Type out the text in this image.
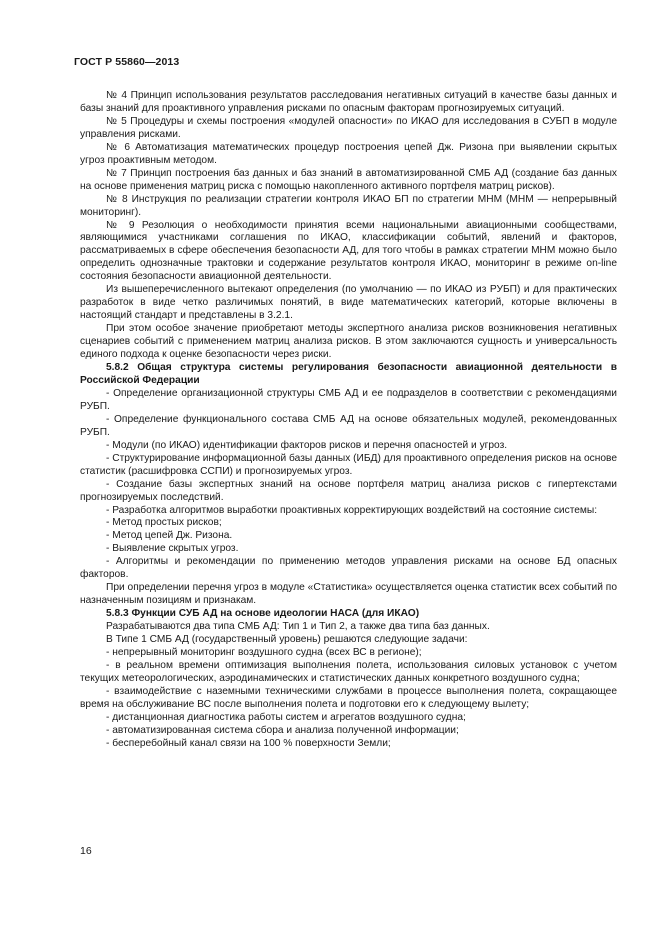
ГОСТ Р 55860—2013

№ 4 Принцип использования результатов расследования негативных ситуаций в качестве базы данных и базы знаний для проактивного управления рисками по опасным факторам прогнозируемых ситуаций.

№ 5 Процедуры и схемы построения «модулей опасности» по ИКАО для исследования в СУБП в модуле управления рисками.

№ 6 Автоматизация математических процедур построения цепей Дж. Ризона при выявлении скрытых угроз проактивным методом.

№ 7 Принцип построения баз данных и баз знаний в автоматизированной СМБ АД (создание баз данных на основе применения матриц риска с помощью накопленного активного портфеля матриц рисков).

№ 8 Инструкция по реализации стратегии контроля ИКАО БП по стратегии МНМ (МНМ — непрерывный мониторинг).

№ 9 Резолюция о необходимости принятия всеми национальными авиационными сообществами, являющимися участниками соглашения по ИКАО, классификации событий, явлений и факторов, рассматриваемых в сфере обеспечения безопасности АД, для того чтобы в рамках стратегии МНМ можно было определить однозначные трактовки и содержание результатов контроля ИКАО, мониторинг в режиме on-line состояния безопасности авиационной деятельности.

Из вышеперечисленного вытекают определения (по умолчанию — по ИКАО из РУБП) и для практических разработок в виде четко различимых понятий, в виде математических категорий, которые включены в настоящий стандарт и представлены в 3.2.1.

При этом особое значение приобретают методы экспертного анализа рисков возникновения негативных сценариев событий с применением матриц анализа рисков. В этом заключаются сущность и универсальность единого подхода к оценке безопасности через риски.

5.8.2 Общая структура системы регулирования безопасности авиационной деятельности в Российской Федерации

- Определение организационной структуры СМБ АД и ее подразделов в соответствии с рекомендациями РУБП.

- Определение функционального состава СМБ АД на основе обязательных модулей, рекомендованных РУБП.

- Модули (по ИКАО) идентификации факторов рисков и перечня опасностей и угроз.

- Структурирование информационной базы данных (ИБД) для проактивного определения рисков на основе статистик (расшифровка ССПИ) и прогнозируемых угроз.

- Создание базы экспертных знаний на основе портфеля матриц анализа рисков с гипертекстами прогнозируемых последствий.

- Разработка алгоритмов выработки проактивных корректирующих воздействий на состояние системы:

- Метод простых рисков;

- Метод цепей Дж. Ризона.

- Выявление скрытых угроз.

- Алгоритмы и рекомендации по применению методов управления рисками на основе БД опасных факторов.

При определении перечня угроз в модуле «Статистика» осуществляется оценка статистик всех событий по назначенным позициям и признакам.

5.8.3 Функции СУБ АД на основе идеологии НАСА (для ИКАО)

Разрабатываются два типа СМБ АД: Тип 1 и Тип 2, а также два типа баз данных.

В Типе 1 СМБ АД (государственный уровень) решаются следующие задачи:

- непрерывный мониторинг воздушного судна (всех ВС в регионе);

- в реальном времени оптимизация выполнения полета, использования силовых установок с учетом текущих метеорологических, аэродинамических и статистических данных конкретного воздушного судна;

- взаимодействие с наземными техническими службами в процессе выполнения полета, сокращающее время на обслуживание ВС после выполнения полета и подготовки его к следующему вылету;

- дистанционная диагностика работы систем и агрегатов воздушного судна;

- автоматизированная система сбора и анализа полученной информации;

- бесперебойный канал связи на 100 % поверхности Земли;

16
